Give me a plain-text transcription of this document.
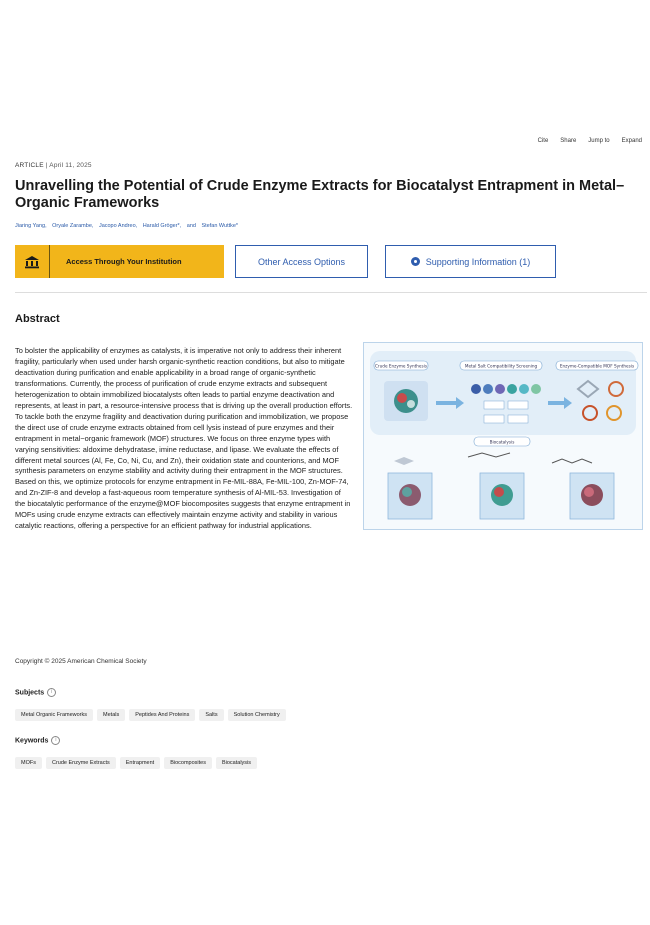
Cite Share Jump to Expand
ARTICLE | April 11, 2025
Unravelling the Potential of Crude Enzyme Extracts for Biocatalyst Entrapment in Metal–Organic Frameworks
Jiaring Yang, Oryale Zarambe, Jacopo Andreo, Harald Gröger*, and Stefan Wuttke*
Access Through Your Institution	Other Access Options	Supporting Information (1)
Abstract
Crude Enzyme Synthesis	Metal Salt Compatibility Screening	Enzyme-Compatible MOF Synthesis
Biocatalysis
To bolster the applicability of enzymes as catalysts, it is imperative not only to address their inherent fragility, particularly when used under harsh organic-synthetic reaction conditions, but also to mitigate deactivation during purification and enable applicability in a broad range of organic-synthetic transformations. Currently, the process of purification of crude enzyme extracts and subsequent heterogenization to obtain immobilized biocatalysts often leads to partial enzyme deactivation and represents, at least in part, a resource-intensive process that is driving up the overall production efforts. To tackle both the enzyme fragility and deactivation during purification and immobilization, we propose the direct use of crude enzyme extracts obtained from cell lysis instead of pure enzymes and their entrapment in metal−organic framework (MOF) structures. We focus on three enzyme types with varying sensitivities: aldoxime dehydratase, imine reductase, and lipase. We evaluate the effects of different metal sources (Al, Fe, Co, Ni, Cu, and Zn), their oxidation state and counterions, and MOF synthesis parameters on enzyme stability and activity during their entrapment in the MOF structures. Based on this, we optimize protocols for enzyme entrapment in Fe-MIL-88A, Fe-MIL-100, Zn-MOF-74, and Zn-ZIF-8 and develop a fast-aqueous room temperature synthesis of Al-MIL-53. Investigation of the biocatalytic performance of the enzyme@MOF biocomposites suggests that enzyme entrapment in MOFs using crude enzyme extracts can effectively maintain enzyme activity and stability in various catalytic reactions, offering a perspective for an efficient pathway for industrial applications.
Copyright © 2025 American Chemical Society
Subjects i
Metal Organic Frameworks	Metals	Peptides And Proteins	Salts	Solution Chemistry
Keywords i
MOFs	Crude Enzyme Extracts	Entrapment	Biocomposites	Biocatalysis
